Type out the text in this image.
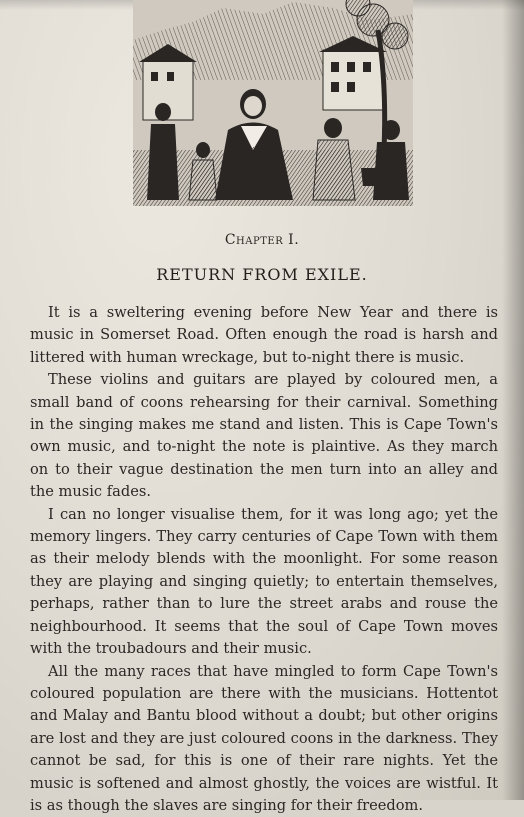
Chapter I.
RETURN FROM EXILE.

It is a sweltering evening before New Year and there is music in Somerset Road. Often enough the road is harsh and littered with human wreckage, but to-night there is music.

These violins and guitars are played by coloured men, a small band of coons rehearsing for their carnival. Something in the singing makes me stand and listen. This is Cape Town's own music, and to-night the note is plaintive. As they march on to their vague destination the men turn into an alley and the music fades.

I can no longer visualise them, for it was long ago; yet the memory lingers. They carry centuries of Cape Town with them as their melody blends with the moonlight. For some reason they are playing and singing quietly; to entertain themselves, perhaps, rather than to lure the street arabs and rouse the neighbourhood. It seems that the soul of Cape Town moves with the troubadours and their music.

All the many races that have mingled to form Cape Town's coloured population are there with the musicians. Hottentot and Malay and Bantu blood without a doubt; but other origins are lost and they are just coloured coons in the darkness. They cannot be sad, for this is one of their rare nights. Yet the music is softened and almost ghostly, the voices are wistful. It is as though the slaves are singing for their freedom.
